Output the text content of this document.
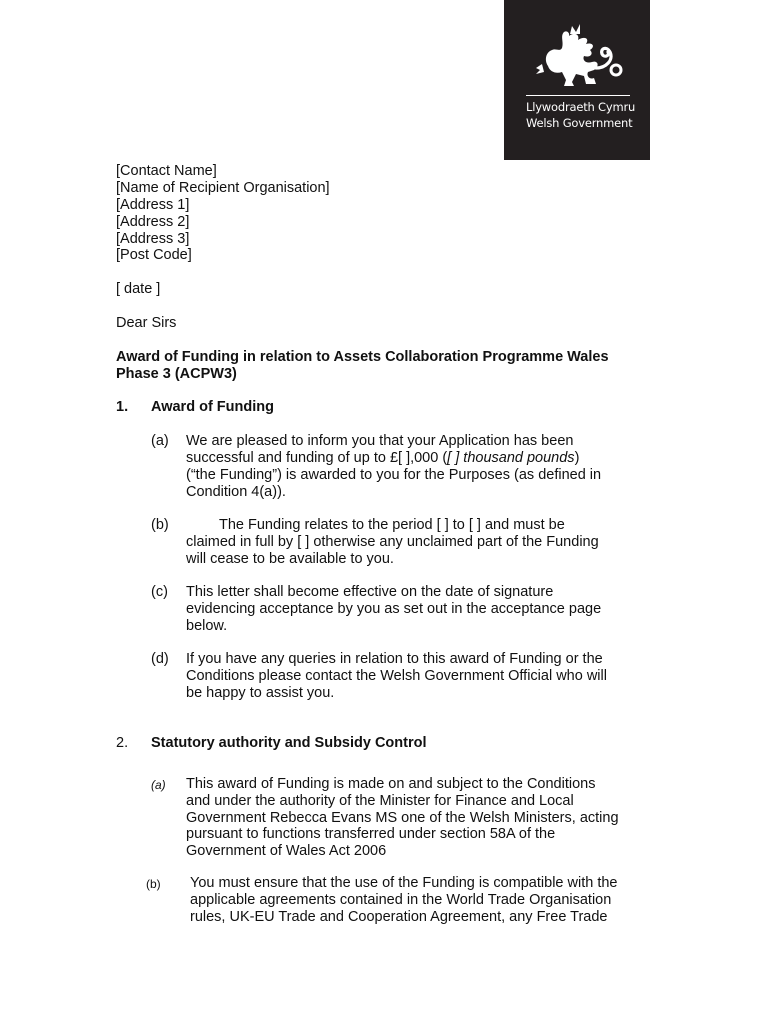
Llywodraeth Cymru
Welsh Government
[Contact Name]
[Name of Recipient Organisation]
[Address 1]
[Address 2]
[Address 3]
[Post Code]
[ date ]
Dear Sirs
Award of Funding in relation to Assets Collaboration Programme Wales
Phase 3 (ACPW3)
1. Award of Funding
(a) We are pleased to inform you that your Application has been
successful and funding of up to £[ ],000 ([ ] thousand pounds)
(“the Funding”) is awarded to you for the Purposes (as defined in
Condition 4(a)).
(b)	The Funding relates to the period [ ] to [ ] and must be
claimed in full by [ ] otherwise any unclaimed part of the Funding
will cease to be available to you.
(c) This letter shall become effective on the date of signature
evidencing acceptance by you as set out in the acceptance page
below.
(d) If you have any queries in relation to this award of Funding or the
Conditions please contact the Welsh Government Official who will
be happy to assist you.
2. Statutory authority and Subsidy Control
(a) This award of Funding is made on and subject to the Conditions
and under the authority of the Minister for Finance and Local
Government Rebecca Evans MS one of the Welsh Ministers, acting
pursuant to functions transferred under section 58A of the
Government of Wales Act 2006
(b) You must ensure that the use of the Funding is compatible with the
applicable agreements contained in the World Trade Organisation
rules, UK-EU Trade and Cooperation Agreement, any Free Trade
